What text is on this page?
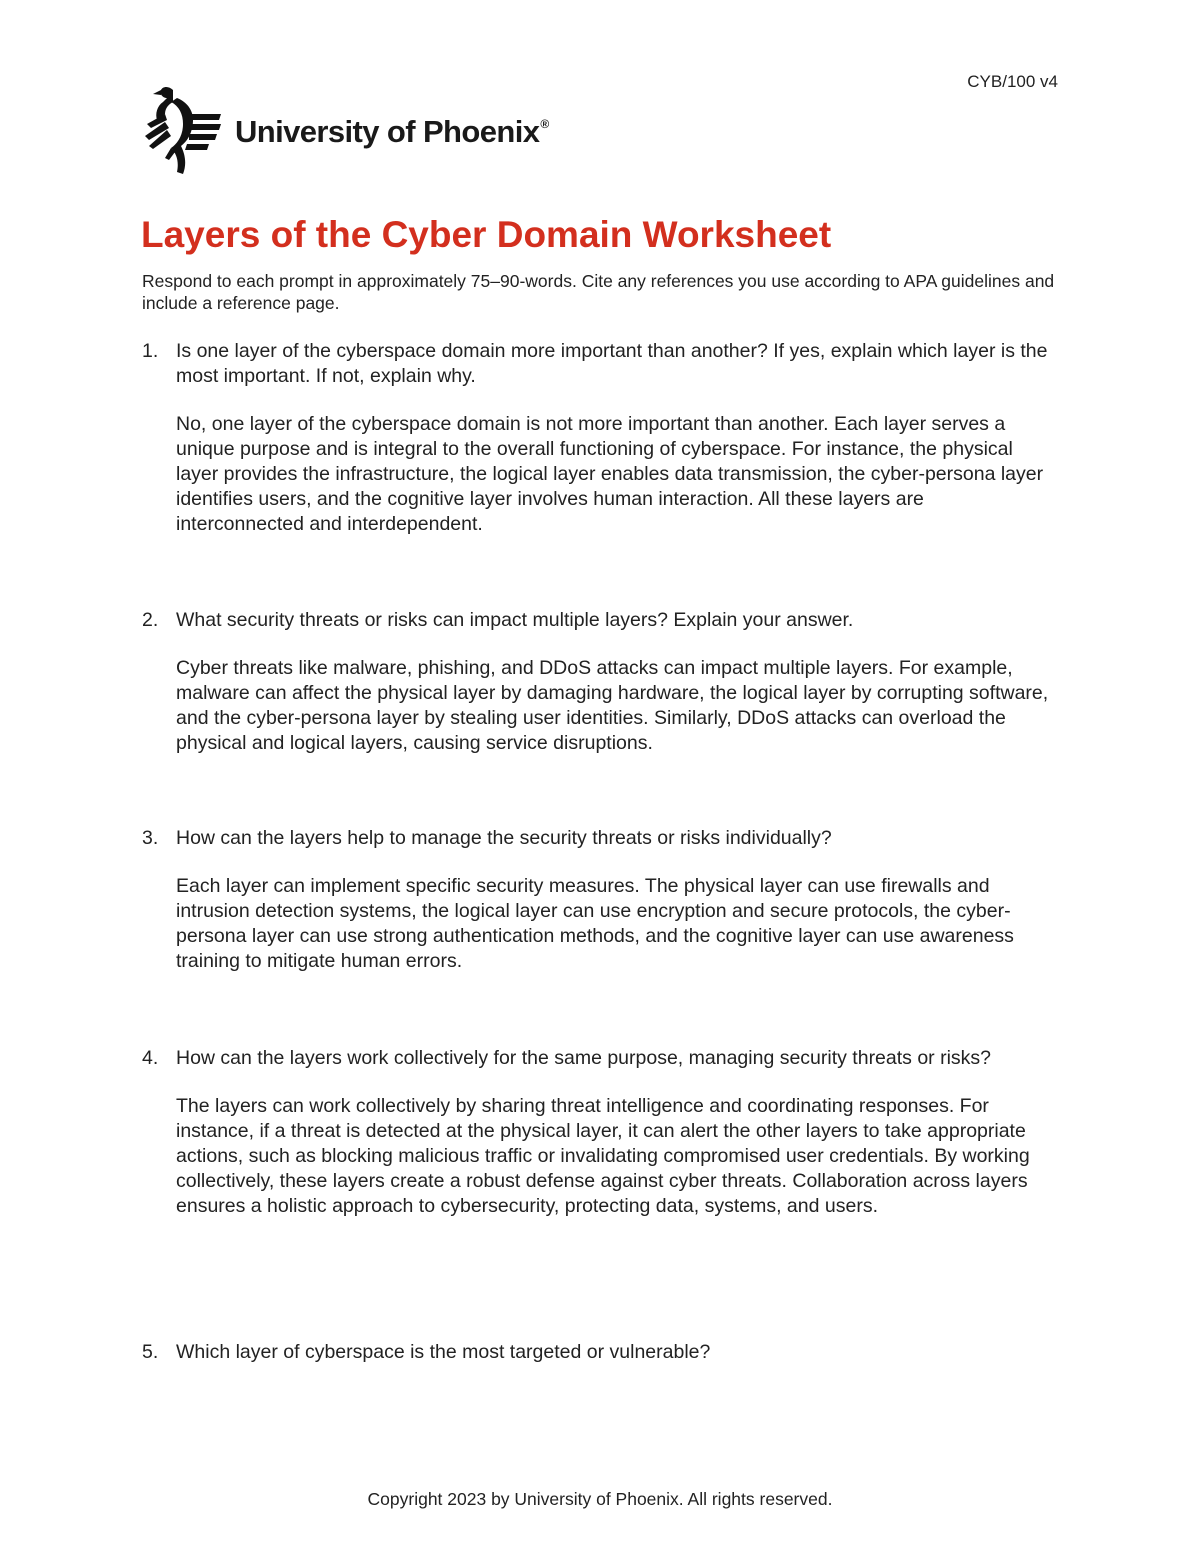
CYB/100 v4
University of Phoenix®
Layers of the Cyber Domain Worksheet

Respond to each prompt in approximately 75–90-words. Cite any references you use according to APA guidelines and include a reference page.

1. Is one layer of the cyberspace domain more important than another? If yes, explain which layer is the most important. If not, explain why.

No, one layer of the cyberspace domain is not more important than another. Each layer serves a unique purpose and is integral to the overall functioning of cyberspace. For instance, the physical layer provides the infrastructure, the logical layer enables data transmission, the cyber-persona layer identifies users, and the cognitive layer involves human interaction. All these layers are interconnected and interdependent.

2. What security threats or risks can impact multiple layers? Explain your answer.

Cyber threats like malware, phishing, and DDoS attacks can impact multiple layers. For example, malware can affect the physical layer by damaging hardware, the logical layer by corrupting software, and the cyber-persona layer by stealing user identities. Similarly, DDoS attacks can overload the physical and logical layers, causing service disruptions.

3. How can the layers help to manage the security threats or risks individually?

Each layer can implement specific security measures. The physical layer can use firewalls and intrusion detection systems, the logical layer can use encryption and secure protocols, the cyber-persona layer can use strong authentication methods, and the cognitive layer can use awareness training to mitigate human errors.

4. How can the layers work collectively for the same purpose, managing security threats or risks?

The layers can work collectively by sharing threat intelligence and coordinating responses. For instance, if a threat is detected at the physical layer, it can alert the other layers to take appropriate actions, such as blocking malicious traffic or invalidating compromised user credentials. By working collectively, these layers create a robust defense against cyber threats. Collaboration across layers ensures a holistic approach to cybersecurity, protecting data, systems, and users.

5. Which layer of cyberspace is the most targeted or vulnerable?

Copyright 2023 by University of Phoenix. All rights reserved.
